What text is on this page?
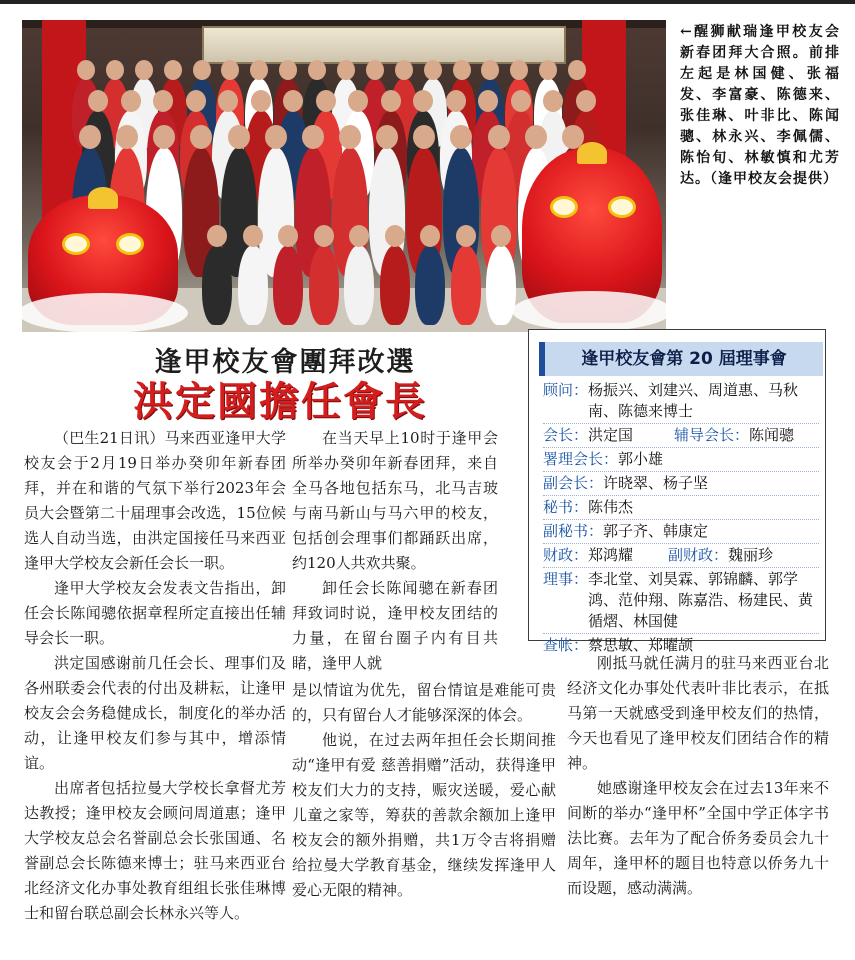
←醒狮献瑞逢甲校友会新春团拜大合照。前排左起是林国健、张福发、李富豪、陈德来、张佳琳、叶非比、陈闻骢、林永兴、李佩儒、陈怡旬、林敏慎和尤芳达。（逢甲校友会提供）

逢甲校友會團拜改選
洪定國擔任會長

（巴生21日讯）马来西亚逢甲大学校友会于2月19日举办癸卯年新春团拜，并在和谐的气氛下举行2023年会员大会暨第二十届理事会改选，15位候选人自动当选，由洪定国接任马来西亚逢甲大学校友会新任会长一职。

逢甲大学校友会发表文告指出，卸任会长陈闻骢依据章程所定直接出任辅导会长一职。

洪定国感谢前几任会长、理事们及各州联委会代表的付出及耕耘，让逢甲校友会会务稳健成长，制度化的举办活动，让逢甲校友们参与其中，增添情谊。

出席者包括拉曼大学校长拿督尤芳达教授；逢甲校友会顾问周道惠；逢甲大学校友总会名誉副总会长张国通、名誉副总会长陈德来博士；驻马来西亚台北经济文化办事处教育组组长张佳琳博士和留台联总副会长林永兴等人。

在当天早上10时于逢甲会所举办癸卯年新春团拜，来自全马各地包括东马，北马吉玻与南马新山与马六甲的校友，包括创会理事们都踊跃出席，约120人共欢共聚。

卸任会长陈闻骢在新春团拜致词时说，逢甲校友团结的力量，在留台圈子内有目共睹，逢甲人就

是以情谊为优先，留台情谊是难能可贵的，只有留台人才能够深深的体会。

他说，在过去两年担任会长期间推动“逢甲有爱 慈善捐赠”活动，获得逢甲校友们大力的支持，赈灾送暖，爱心献儿童之家等，筹获的善款余额加上逢甲校友会的额外捐赠，共1万令吉将捐赠给拉曼大学教育基金，继续发挥逢甲人爱心无限的精神。

刚抵马就任满月的驻马来西亚台北经济文化办事处代表叶非比表示，在抵马第一天就感受到逢甲校友们的热情，今天也看见了逢甲校友们团结合作的精神。

她感谢逢甲校友会在过去13年来不间断的举办“逢甲杯”全国中学正体字书法比赛。去年为了配合侨务委员会九十周年，逢甲杯的题目也特意以侨务九十而设题，感动满满。

逢甲校友會第 20 屆理事會
顾问： 杨振兴、刘建兴、周道惠、马秋南、陈德来博士
会长： 洪定国	辅导会长： 陈闻骢
署理会长： 郭小雄
副会长： 许晓翠、杨子坚
秘书： 陈伟杰
副秘书： 郭子齐、韩康定
财政： 郑鸿耀	副财政： 魏丽珍
理事： 李北堂、刘昊霖、郭锦麟、郭学鸿、范仲翔、陈嘉浩、杨建民、黄循熠、林国健
查帐： 蔡思敏、郑曜颉
